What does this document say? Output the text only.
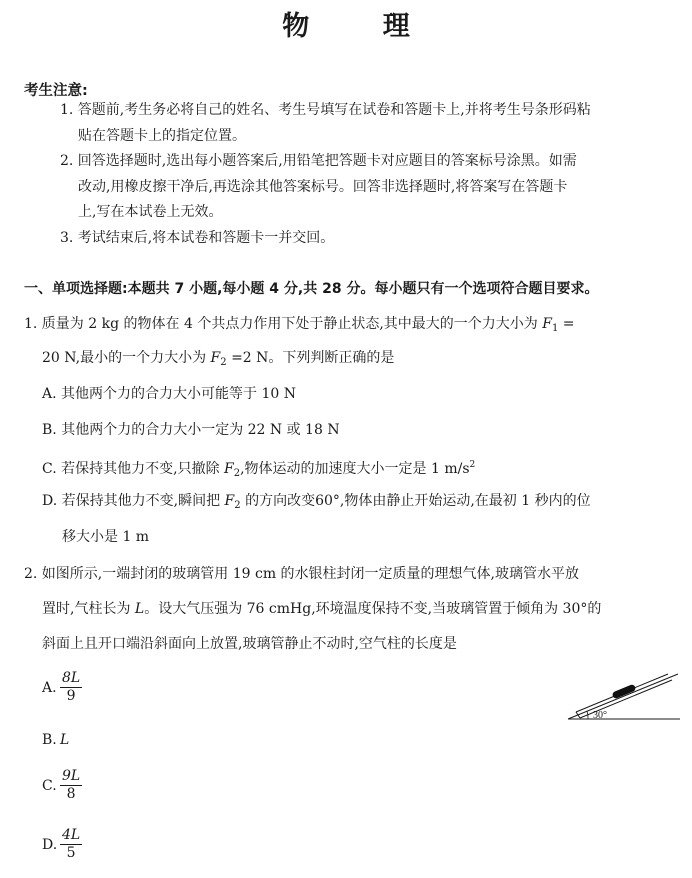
物 理
考生注意:
1. 答题前,考生务必将自己的姓名、考生号填写在试卷和答题卡上,并将考生号条形码粘
贴在答题卡上的指定位置。
2. 回答选择题时,选出每小题答案后,用铅笔把答题卡对应题目的答案标号涂黑。如需
改动,用橡皮擦干净后,再选涂其他答案标号。回答非选择题时,将答案写在答题卡
上,写在本试卷上无效。
3. 考试结束后,将本试卷和答题卡一并交回。
一、单项选择题:本题共 7 小题,每小题 4 分,共 28 分。每小题只有一个选项符合题目要求。
1. 质量为 2 kg 的物体在 4 个共点力作用下处于静止状态,其中最大的一个力大小为 $F_1$ =
20 N,最小的一个力大小为 $F_2 =2$ N。下列判断正确的是
A. 其他两个力的合力大小可能等于 10 N
B. 其他两个力的合力大小一定为 22 N 或 18 N
C. 若保持其他力不变,只撤除 $F_2$,物体运动的加速度大小一定是 1 $m/s^2$
D. 若保持其他力不变,瞬间把 $F_2$ 的方向改变60°,物体由静止开始运动,在最初 1 秒内的位
移大小是 1 m
2. 如图所示,一端封闭的玻璃管用 19 cm 的水银柱封闭一定质量的理想气体,玻璃管水平放
置时,气柱长为 L。设大气压强为 76 cmHg,环境温度保持不变,当玻璃管置于倾角为 30°的
斜面上且开口端沿斜面向上放置,玻璃管静止不动时,空气柱的长度是
A.
8L
9
B. L
C.
9L
8
D.
4L
5
30°
